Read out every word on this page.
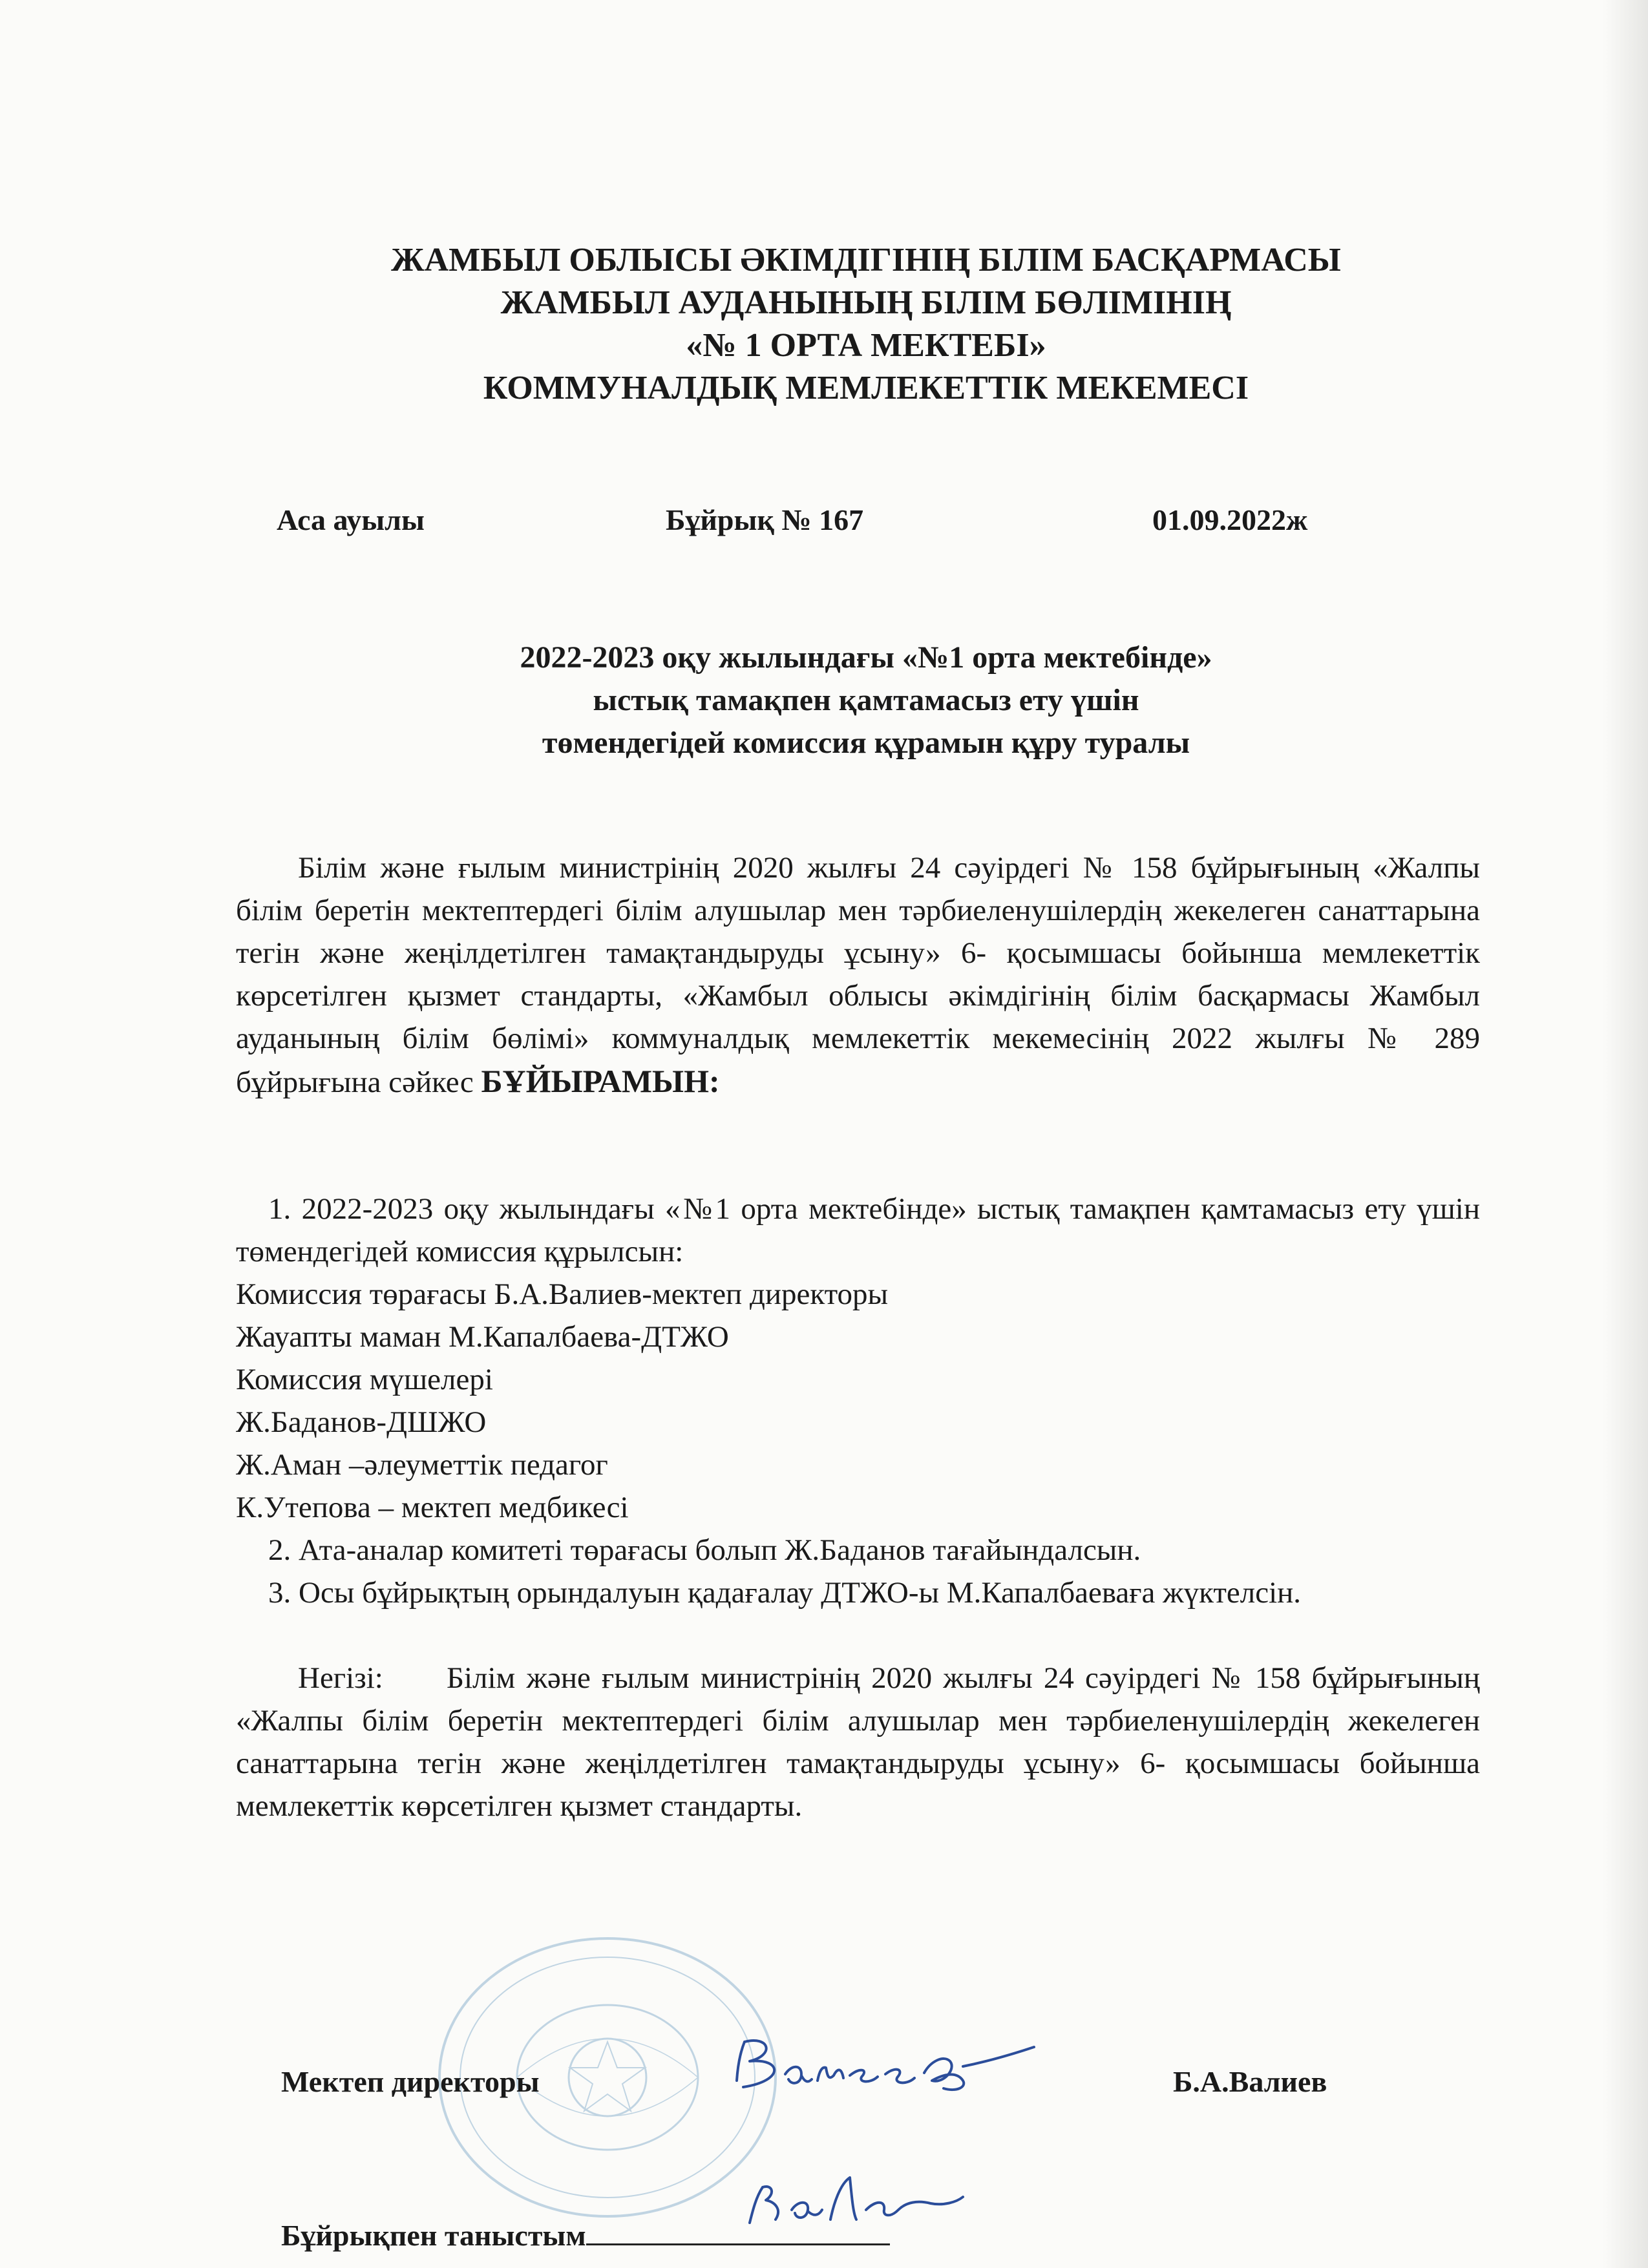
ЖАМБЫЛ ОБЛЫСЫ ӘКІМДІГІНІҢ БІЛІМ БАСҚАРМАСЫ
ЖАМБЫЛ АУДАНЫНЫҢ БІЛІМ БӨЛІМІНІҢ
«№ 1 ОРТА МЕКТЕБІ»
КОММУНАЛДЫҚ МЕМЛЕКЕТТІК МЕКЕМЕСІ
Аса ауылы	Бұйрық № 167	01.09.2022ж
2022-2023 оқу жылындағы «№1 орта мектебінде»
ыстық тамақпен қамтамасыз ету үшін
төмендегідей комиссия құрамын құру туралы
Білім және ғылым министрінің 2020 жылғы 24 сәуірдегі № 158 бұйрығының «Жалпы білім беретін мектептердегі білім алушылар мен тәрбиеленушілердің жекелеген санаттарына тегін және жеңілдетілген тамақтандыруды ұсыну» 6- қосымшасы бойынша мемлекеттік көрсетілген қызмет стандарты, «Жамбыл облысы әкімдігінің білім басқармасы Жамбыл ауданының білім бөлімі» коммуналдық мемлекеттік мекемесінің 2022 жылғы № 289 бұйрығына сәйкес БҰЙЫРАМЫН:
1. 2022-2023 оқу жылындағы «№1 орта мектебінде» ыстық тамақпен қамтамасыз ету үшін төмендегідей комиссия құрылсын:
Комиссия төрағасы Б.А.Валиев-мектеп директоры
Жауапты маман М.Капалбаева-ДТЖО
Комиссия мүшелері
Ж.Баданов-ДШЖО
Ж.Аман –әлеуметтік педагог
К.Утепова – мектеп медбикесі
2. Ата-аналар комитеті төрағасы болып Ж.Баданов тағайындалсын.
3. Осы бұйрықтың орындалуын қадағалау ДТЖО-ы М.Капалбаеваға жүктелсін.
Негізі: Білім және ғылым министрінің 2020 жылғы 24 сәуірдегі № 158 бұйрығының «Жалпы білім беретін мектептердегі білім алушылар мен тәрбиеленушілердің жекелеген санаттарына тегін және жеңілдетілген тамақтандыруды ұсыну» 6- қосымшасы бойынша мемлекеттік көрсетілген қызмет стандарты.
Мектеп директоры	Б.А.Валиев
Бұйрықпен таныстым
